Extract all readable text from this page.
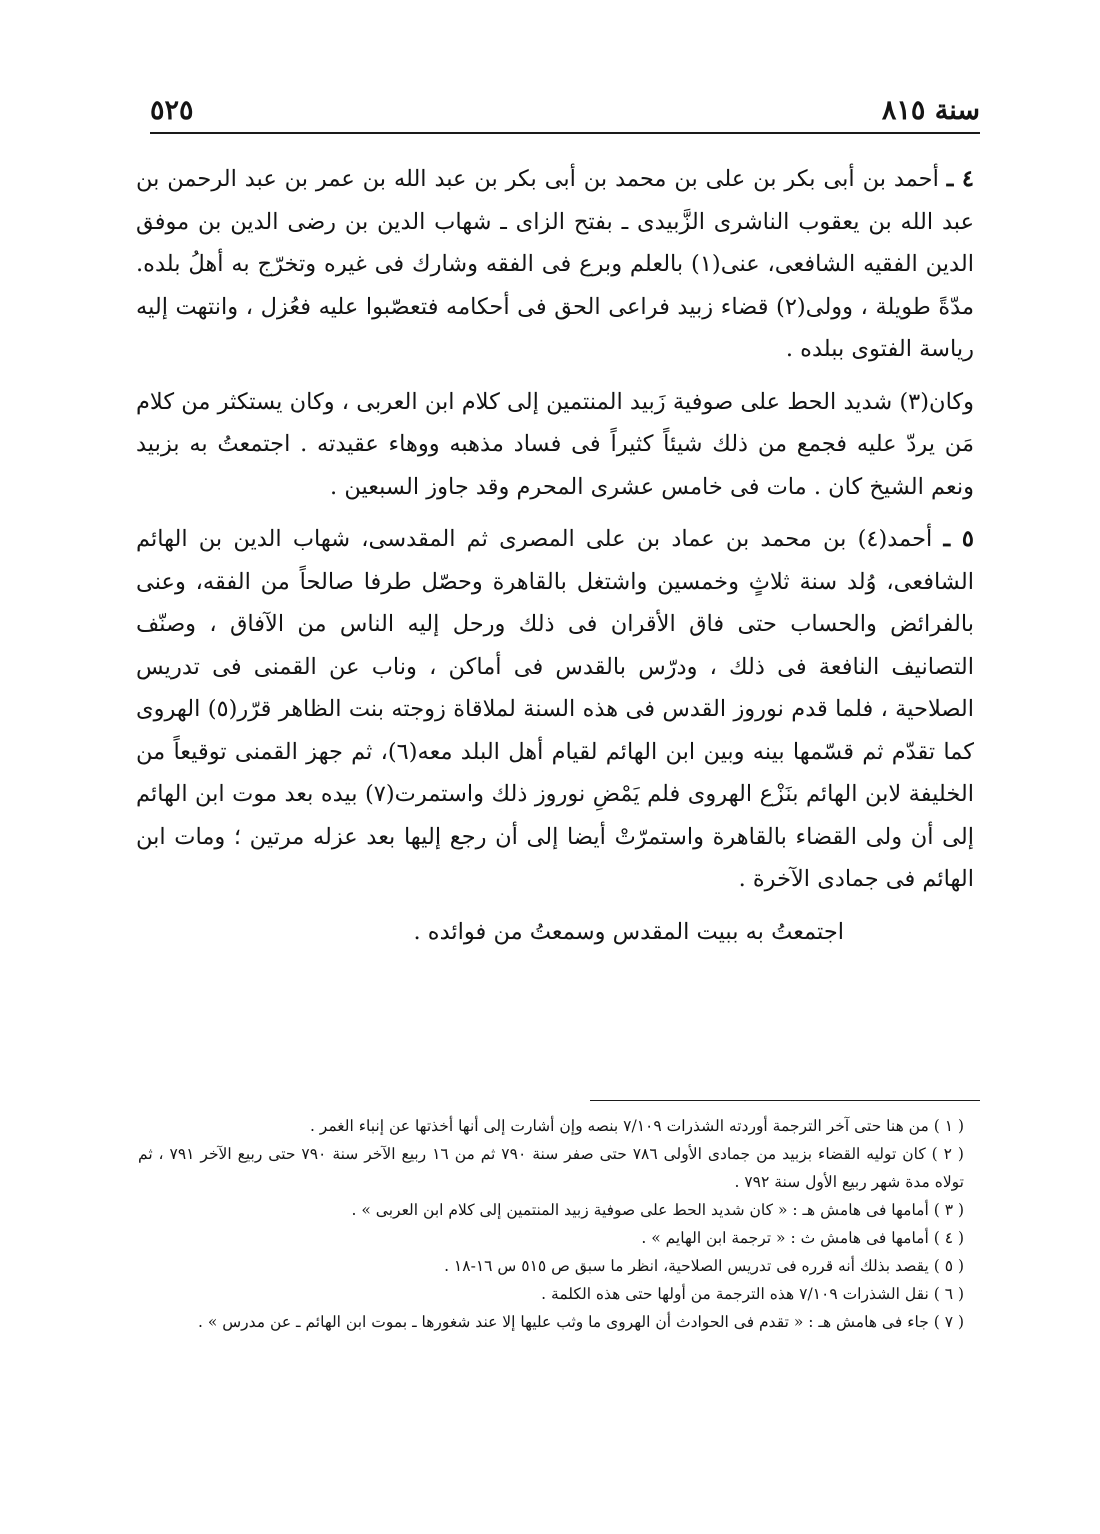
سنة ٨١٥
٥٢٥

٤ ـ أحمد بن أبى بكر بن على بن محمد بن أبى بكر بن عبد الله بن عمر بن عبد الرحمن بن عبد الله بن يعقوب الناشرى الزَّبيدى ـ بفتح الزاى ـ شهاب الدين بن رضى الدين بن موفق الدين الفقيه الشافعى، عنى(١) بالعلم وبرع فى الفقه وشارك فى غيره وتخرّج به أهلُ بلده. مدّةً طويلة ، وولى(٢) قضاء زبيد فراعى الحق فى أحكامه فتعصّبوا عليه فعُزل ، وانتهت إليه رياسة الفتوى ببلده .

وكان(٣) شديد الحط على صوفية زَبيد المنتمين إلى كلام ابن العربى ، وكان يستكثر من كلام مَن يردّ عليه فجمع من ذلك شيئاً كثيراً فى فساد مذهبه ووهاء عقيدته . اجتمعتُ به بزبيد ونعم الشيخ كان . مات فى خامس عشرى المحرم وقد جاوز السبعين .

٥ ـ أحمد(٤) بن محمد بن عماد بن على المصرى ثم المقدسى، شهاب الدين بن الهائم الشافعى، وُلد سنة ثلاثٍ وخمسين واشتغل بالقاهرة وحصّل طرفا صالحاً من الفقه، وعنى بالفرائض والحساب حتى فاق الأقران فى ذلك ورحل إليه الناس من الآفاق ، وصنّف التصانيف النافعة فى ذلك ، ودرّس بالقدس فى أماكن ، وناب عن القمنى فى تدريس الصلاحية ، فلما قدم نوروز القدس فى هذه السنة لملاقاة زوجته بنت الظاهر قرّر(٥) الهروى كما تقدّم ثم قسّمها بينه وبين ابن الهائم لقيام أهل البلد معه(٦)، ثم جهز القمنى توقيعاً من الخليفة لابن الهائم بنَزْع الهروى فلم يَمْضِ نوروز ذلك واستمرت(٧) بيده بعد موت ابن الهائم إلى أن ولى القضاء بالقاهرة واستمرّتْ أيضا إلى أن رجع إليها بعد عزله مرتين ؛ ومات ابن الهائم فى جمادى الآخرة .

اجتمعتُ به ببيت المقدس وسمعتُ من فوائده .

( ١ ) من هنا حتى آخر الترجمة أوردته الشذرات ٧/١٠٩ بنصه وإن أشارت إلى أنها أخذتها عن إنباء الغمر .

( ٢ ) كان توليه القضاء بزبيد من جمادى الأولى ٧٨٦ حتى صفر سنة ٧٩٠ ثم من ١٦ ربيع الآخر سنة ٧٩٠ حتى ربيع الآخر ٧٩١ ، ثم تولاه مدة شهر ربيع الأول سنة ٧٩٢ .

( ٣ ) أمامها فى هامش هـ : « كان شديد الحط على صوفية زبيد المنتمين إلى كلام ابن العربى » .

( ٤ ) أمامها فى هامش ث : « ترجمة ابن الهايم » .

( ٥ ) يقصد بذلك أنه قرره فى تدريس الصلاحية، انظر ما سبق ص ٥١٥ س ١٦-١٨ .

( ٦ ) نقل الشذرات ٧/١٠٩ هذه الترجمة من أولها حتى هذه الكلمة .

( ٧ ) جاء فى هامش هـ : « تقدم فى الحوادث أن الهروى ما وثب عليها إلا عند شغورها ـ بموت ابن الهائم ـ عن مدرس » .
